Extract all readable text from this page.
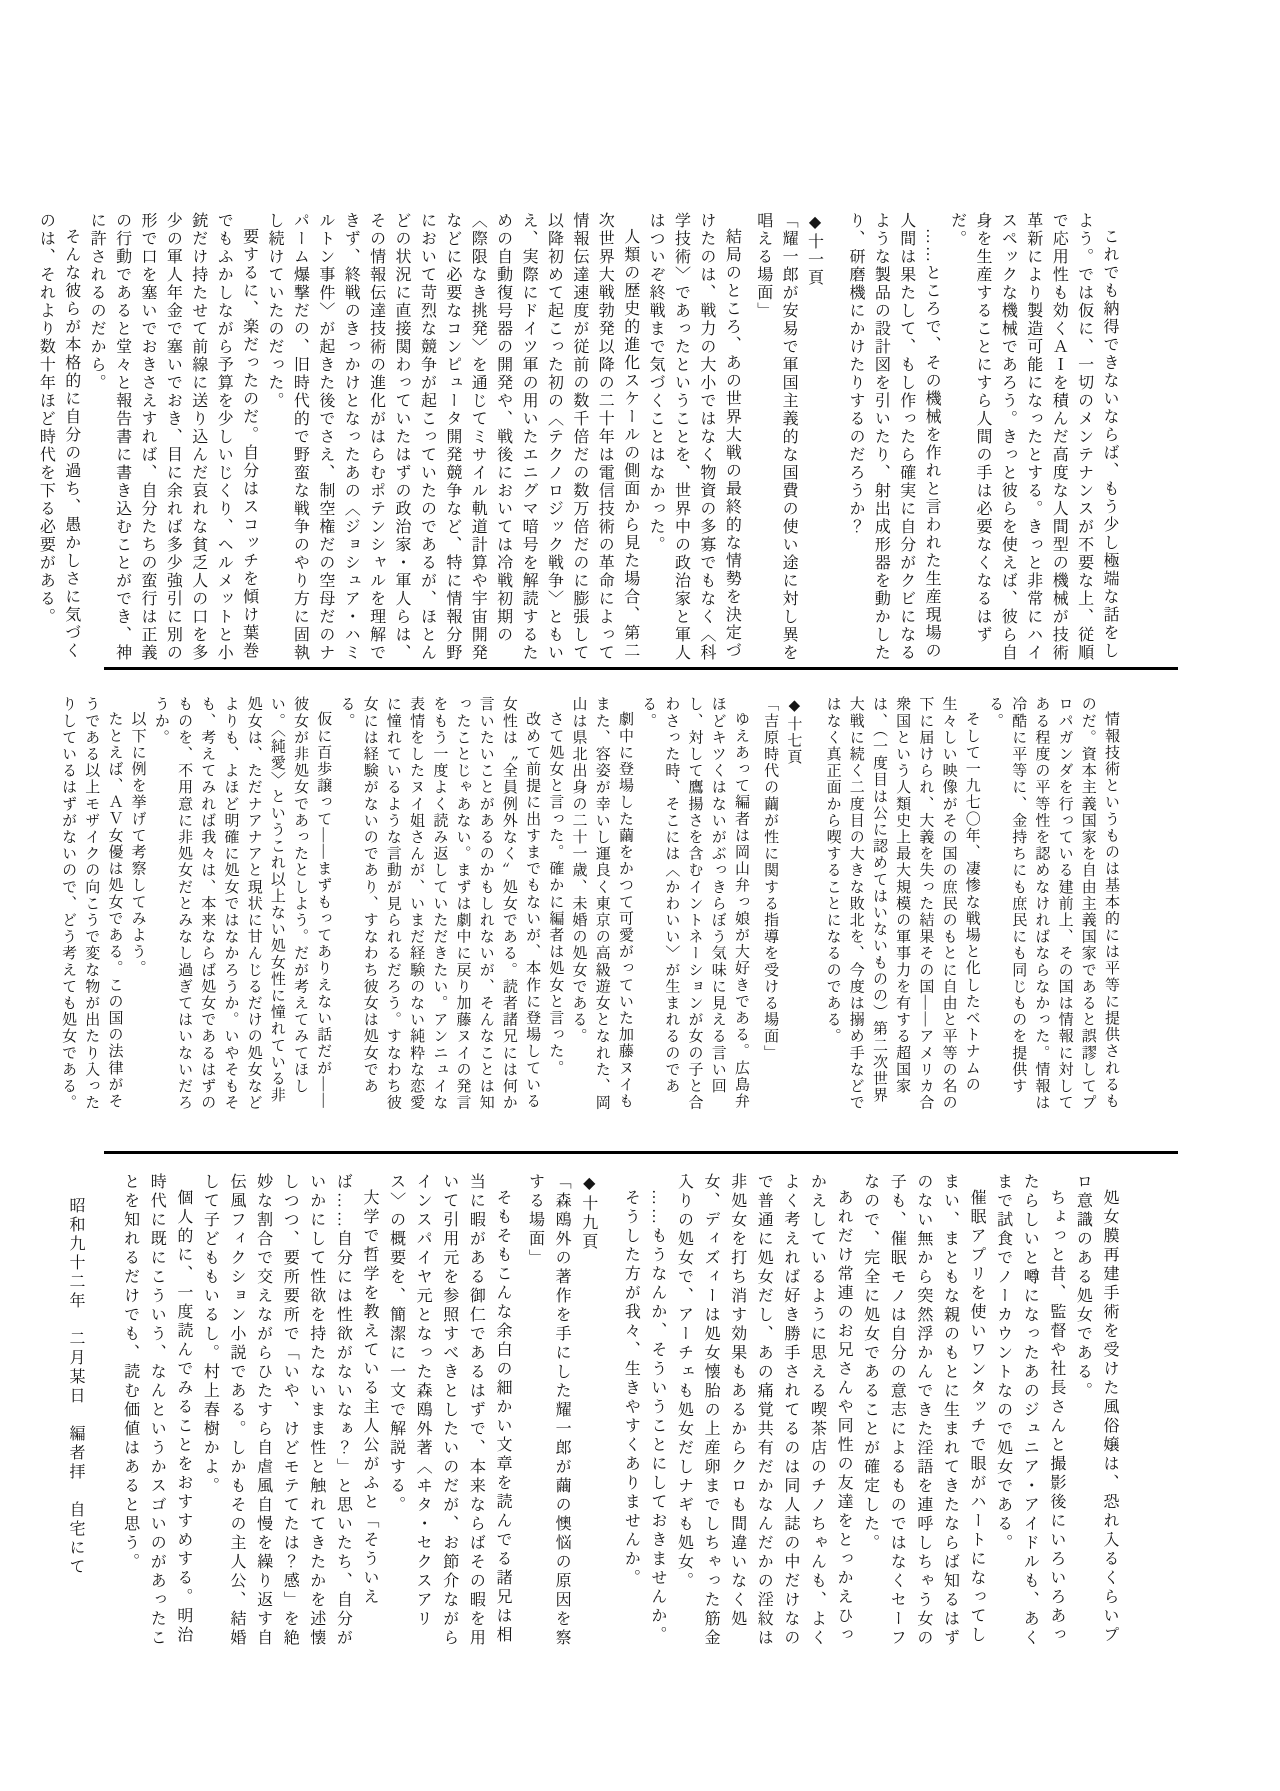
これでも納得できないならば、もう少し極端な話をしよう。では仮に、一切のメンテナンスが不要な上、従順で応用性も効くＡＩを積んだ高度な人間型の機械が技術革新により製造可能になったとする。きっと非常にハイスペックな機械であろう。きっと彼らを使えば、彼ら自身を生産することにすら人間の手は必要なくなるはずだ。

……ところで、その機械を作れと言われた生産現場の人間は果たして、もし作ったら確実に自分がクビになるような製品の設計図を引いたり、射出成形器を動かしたり、研磨機にかけたりするのだろうか？

◆十一頁

「耀一郎が安易で軍国主義的な国費の使い途に対し異を唱える場面」

結局のところ、あの世界大戦の最終的な情勢を決定づけたのは、戦力の大小ではなく物資の多寡でもなく〈科学技術〉であったということを、世界中の政治家と軍人はついぞ終戦まで気づくことはなかった。

人類の歴史的進化スケールの側面から見た場合、第二次世界大戦勃発以降の二十年は電信技術の革命によって情報伝達速度が従前の数千倍だの数万倍だのに膨張して以降初めて起こった初の〈テクノロジック戦争〉ともいえ、実際にドイツ軍の用いたエニグマ暗号を解読するための自動復号器の開発や、戦後においては冷戦初期の〈際限なき挑発〉を通じてミサイル軌道計算や宇宙開発などに必要なコンピュータ開発競争など、特に情報分野において苛烈な競争が起こっていたのであるが、ほとんどの状況に直接関わっていたはずの政治家・軍人らは、その情報伝達技術の進化がはらむポテンシャルを理解できず、終戦のきっかけとなったあの〈ジョシュア・ハミルトン事件〉が起きた後でさえ、制空権だの空母だのナパーム爆撃だの、旧時代的で野蛮な戦争のやり方に固執し続けていたのだった。

要するに、楽だったのだ。自分はスコッチを傾け葉巻でもふかしながら予算を少しいじくり、ヘルメットと小銃だけ持たせて前線に送り込んだ哀れな貧乏人の口を多少の軍人年金で塞いでおき、目に余れば多少強引に別の形で口を塞いでおきさえすれば、自分たちの蛮行は正義の行動であると堂々と報告書に書き込むことができ、神に許されるのだから。

そんな彼らが本格的に自分の過ち、愚かしさに気づくのは、それより数十年ほど時代を下る必要がある。

情報技術というものは基本的には平等に提供されるものだ。資本主義国家を自由主義国家であると誤謬してプロパガンダを行っている建前上、その国は情報に対してある程度の平等性を認めなければならなかった。情報は冷酷に平等に、金持ちにも庶民にも同じものを提供する。

そして一九七〇年、凄惨な戦場と化したベトナムの生々しい映像がその国の庶民のもとに自由と平等の名の下に届けられ、大義を失った結果その国——アメリカ合衆国という人類史上最大規模の軍事力を有する超国家は、（一度目は公に認めてはいないものの）第二次世界大戦に続く二度目の大きな敗北を、今度は搦め手などではなく真正面から喫することになるのである。

◆十七頁

「吉原時代の繭が性に関する指導を受ける場面」

ゆえあって編者は岡山弁っ娘が大好きである。広島弁ほどキツくはないがぶっきらぼう気味に見える言い回し、対して鷹揚さを含むイントネーションが女の子と合わさった時、そこには〈かわいい〉が生まれるのである。

劇中に登場した繭をかつて可愛がっていた加藤ヌイもまた、容姿が幸いし運良く東京の高級遊女となれた、岡山は県北出身の二十一歳、未婚の処女である。

さて処女と言った。確かに編者は処女と言った。

改めて前提に出すまでもないが、本作に登場している女性は〝全員例外なく〟処女である。読者諸兄には何か言いたいことがあるのかもしれないが、そんなことは知ったことじゃあない。まずは劇中に戻り加藤ヌイの発言をもう一度よく読み返していただきたい。アンニュイな表情をしたヌイ姐さんが、いまだ経験のない純粋な恋愛に憧れているような言動が見られるだろう。すなわち彼女には経験がないのであり、すなわち彼女は処女である。

仮に百歩譲って——まずもってありえない話だが——彼女が非処女であったとしよう。だが考えてみてほしい。〈純愛〉というこれ以上ない処女性に憧れている非処女は、ただナアナアと現状に甘んじるだけの処女などよりも、よほど明確に処女ではなかろうか。いやそもそも、考えてみれば我々は、本来ならば処女であるはずのものを、不用意に非処女だとみなし過ぎてはいないだろうか。

以下に例を挙げて考察してみよう。

たとえば、ＡＶ女優は処女である。この国の法律がそうである以上モザイクの向こうで変な物が出たり入ったりしているはずがないので、どう考えても処女である。

処女膜再建手術を受けた風俗嬢は、恐れ入るくらいプロ意識のある処女である。

ちょっと昔、監督や社長さんと撮影後にいろいろあったらしいと噂になったあのジュニア・アイドルも、あくまで試食でノーカウントなので処女である。

催眠アプリを使いワンタッチで眼がハートになってしまい、まともな親のもとに生まれてきたならば知るはずのない無から突然浮かんできた淫語を連呼しちゃう女の子も、催眠モノは自分の意志によるものではなくセーフなので、完全に処女であることが確定した。

あれだけ常連のお兄さんや同性の友達をとっかえひっかえしているように思える喫茶店のチノちゃんも、よくよく考えれば好き勝手されてるのは同人誌の中だけなので普通に処女だし、あの痛覚共有だかなんだかの淫紋は非処女を打ち消す効果もあるからクロも間違いなく処女、ディズィーは処女懐胎の上産卵までしちゃった筋金入りの処女で、アーチェも処女だしナギも処女。

……もうなんか、そういうことにしておきませんか。

そうした方が我々、生きやすくありませんか。

◆十九頁

「森鴎外の著作を手にした耀一郎が繭の懊悩の原因を察する場面」

そもそもこんな余白の細かい文章を読んでる諸兄は相当に暇がある御仁であるはずで、本来ならばその暇を用いて引用元を参照すべきとしたいのだが、お節介ながらインスパイヤ元となった森鴎外著〈ヰタ・セクスアリス〉の概要を、簡潔に一文で解説する。

大学で哲学を教えている主人公がふと「そういえば……自分には性欲がないなぁ？」と思いたち、自分がいかにして性欲を持たないまま性と触れてきたかを述懐しつつ、要所要所で「いや、けどモテてたは？感」を絶妙な割合で交えながらひたすら自虐風自慢を繰り返す自伝風フィクション小説である。しかもその主人公、結婚して子どももいるし。村上春樹かよ。

個人的に、一度読んでみることをおすすめする。明治時代に既にこういう、なんというかスゴいのがあったことを知れるだけでも、読む価値はあると思う。

昭和九十二年　二月某日　編者拝　自宅にて
